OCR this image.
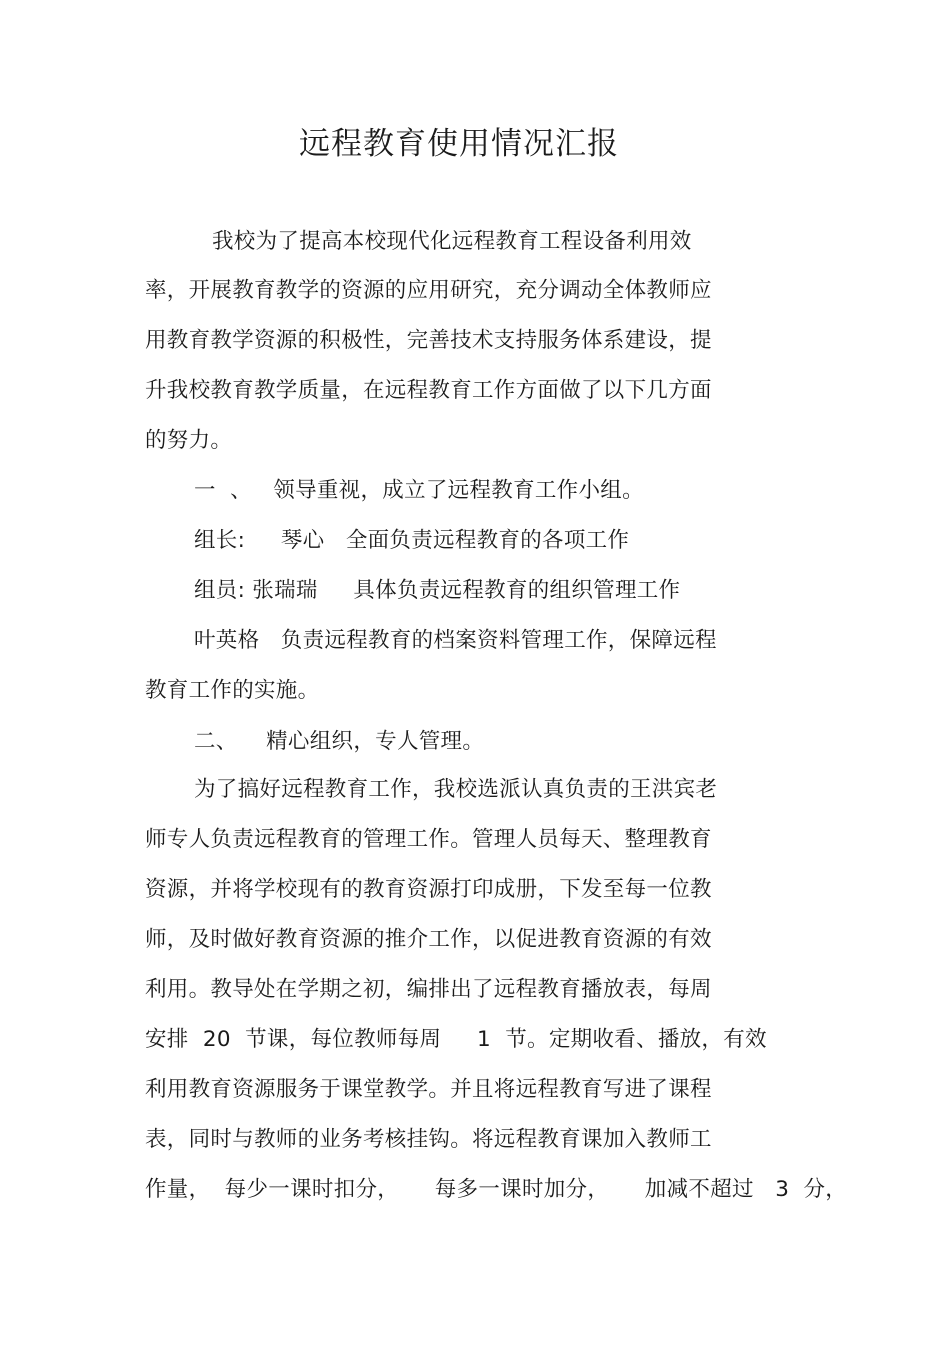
远程教育使用情况汇报

我校为了提高本校现代化远程教育工程设备利用效

率，开展教育教学的资源的应用研究，充分调动全体教师应

用教育教学资源的积极性，完善技术支持服务体系建设，提

升我校教育教学质量，在远程教育工作方面做了以下几方面

的努力。

一  、   领导重视，成立了远程教育工作小组。

组长:     琴心   全面负责远程教育的各项工作

组员: 张瑞瑞     具体负责远程教育的组织管理工作

叶英格   负责远程教育的档案资料管理工作，保障远程

教育工作的实施。

二、    精心组织，专人管理。

为了搞好远程教育工作，我校选派认真负责的王洪宾老

师专人负责远程教育的管理工作。管理人员每天、整理教育

资源，并将学校现有的教育资源打印成册，下发至每一位教

师，及时做好教育资源的推介工作，以促进教育资源的有效

利用。教导处在学期之初，编排出了远程教育播放表，每周

安排  20  节课，每位教师每周     1  节。定期收看、播放，有效

利用教育资源服务于课堂教学。并且将远程教育写进了课程

表，同时与教师的业务考核挂钩。将远程教育课加入教师工

作量，  每少一课时扣分，     每多一课时加分，     加减不超过   3  分，
